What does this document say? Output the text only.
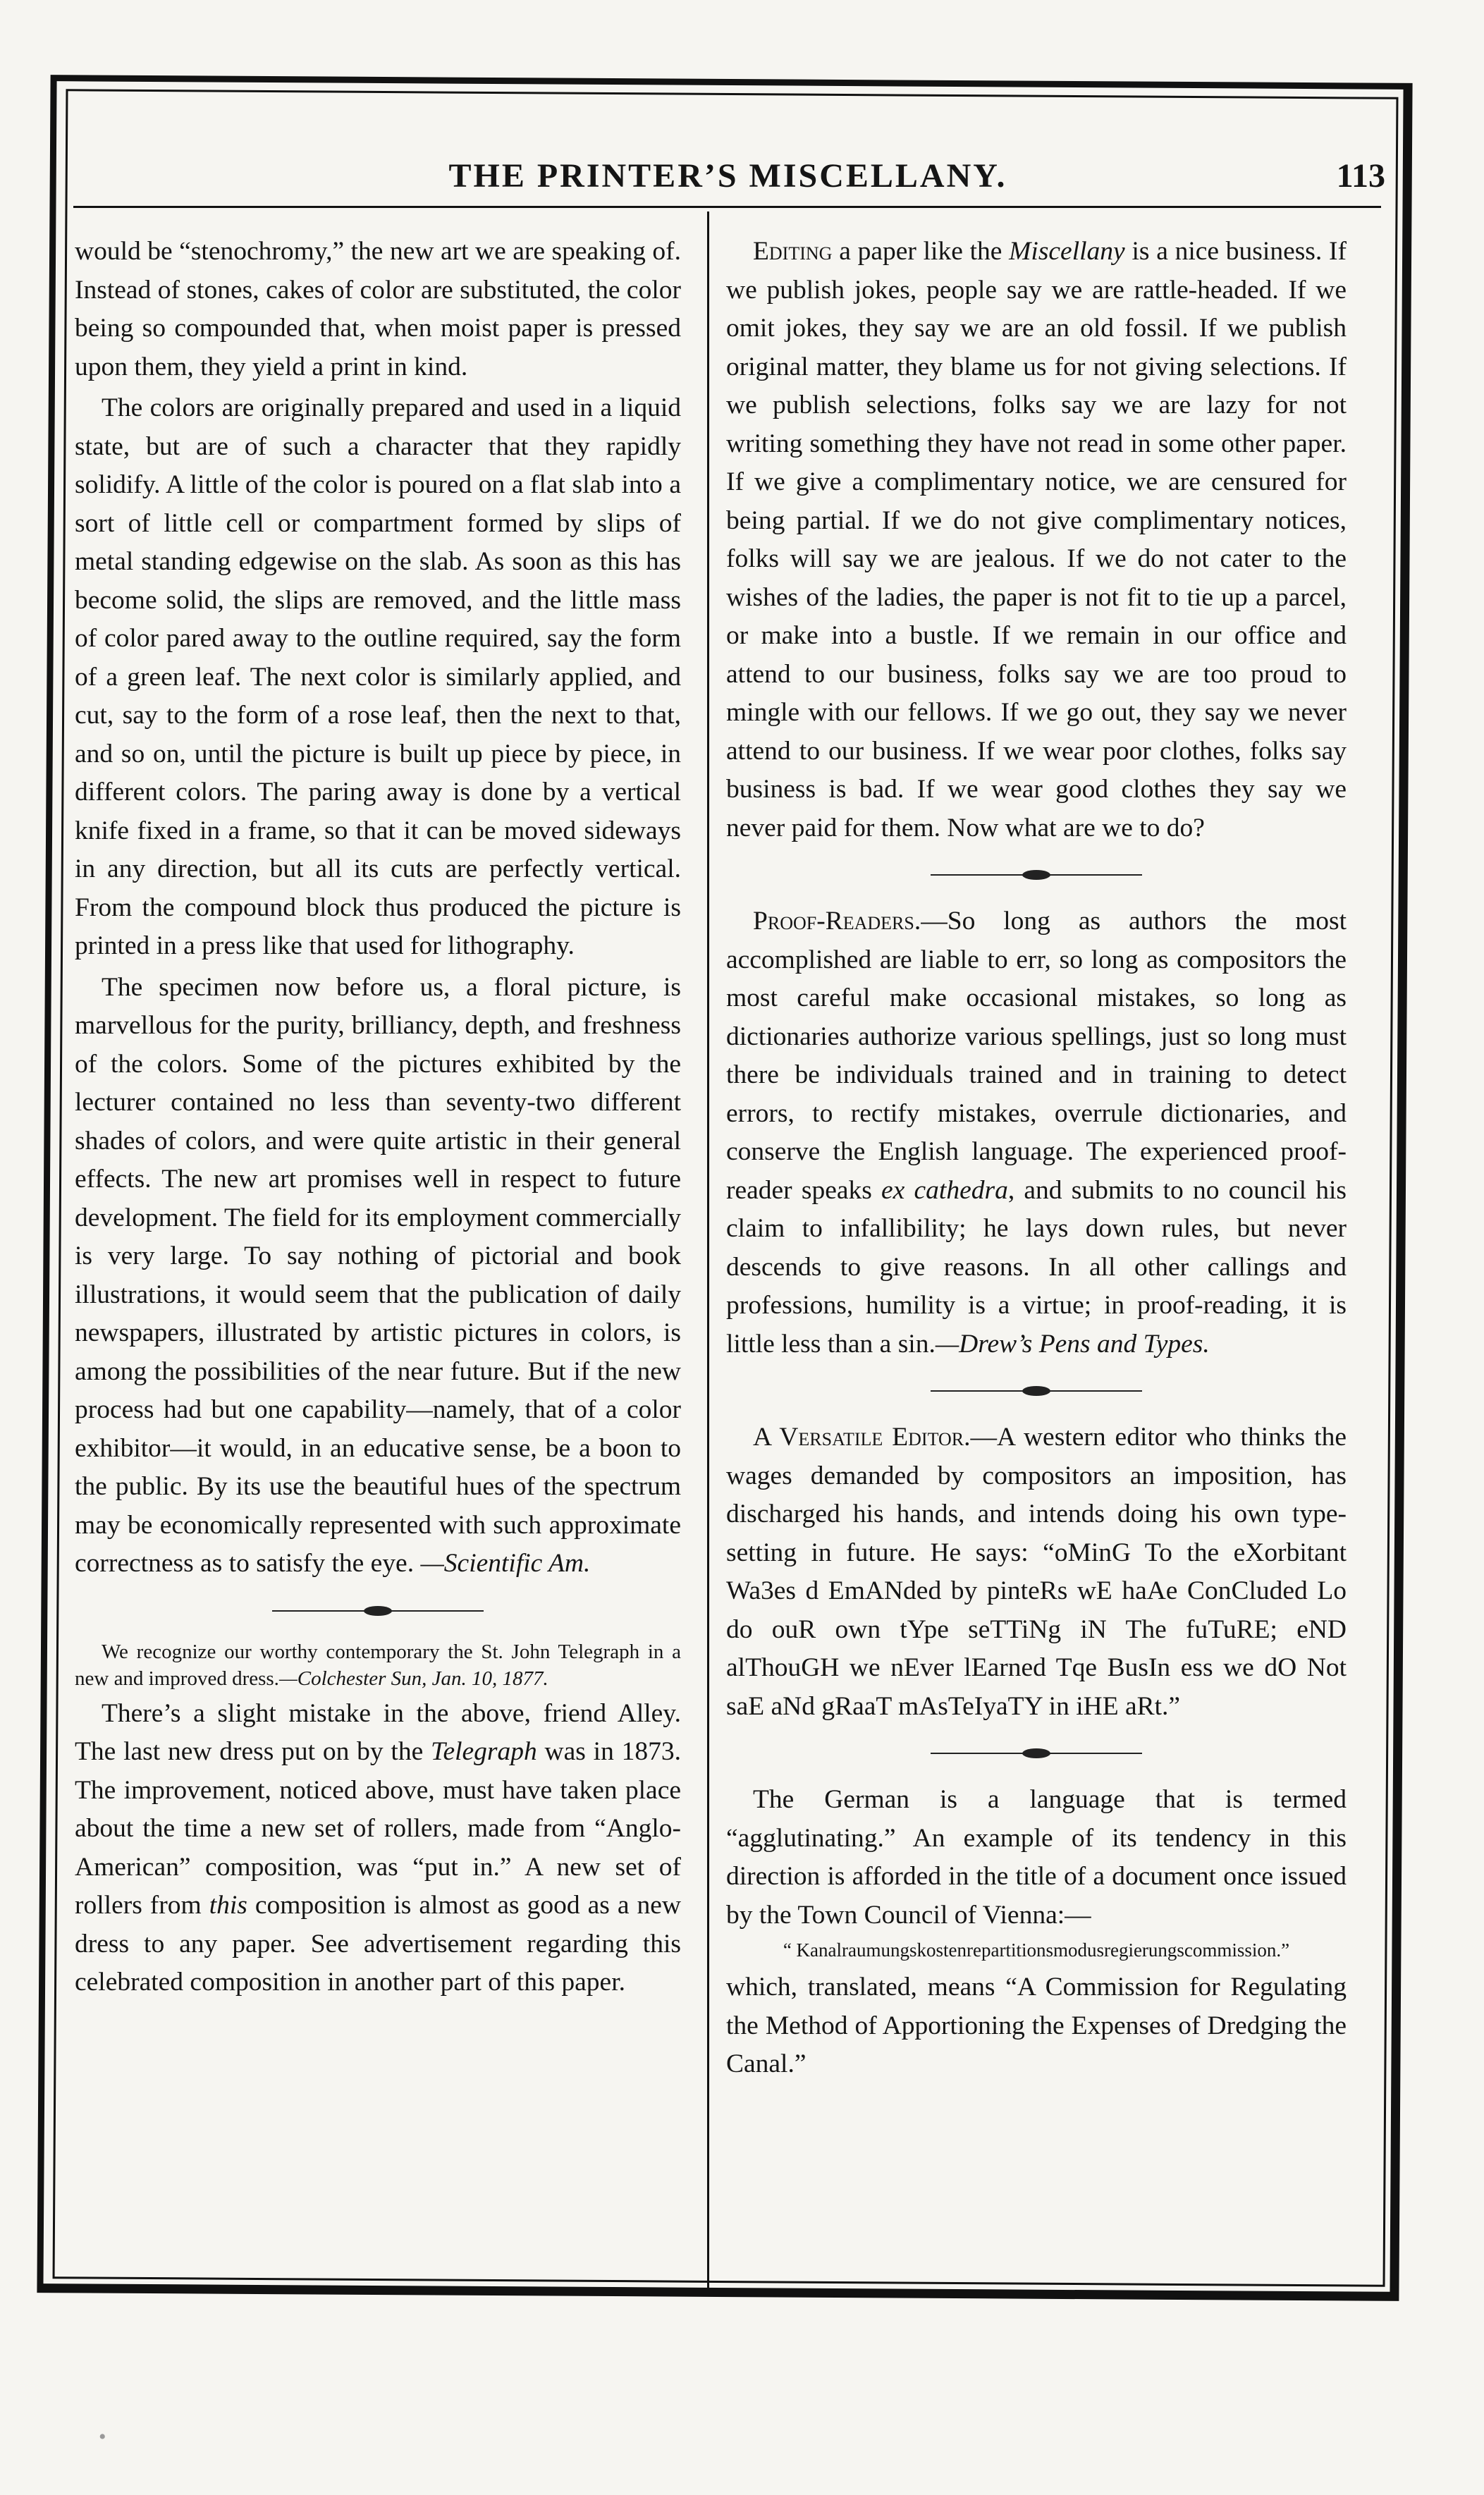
THE PRINTER’S MISCELLANY.	113

would be “stenochromy,” the new art we are speaking of. Instead of stones, cakes of color are substituted, the color being so compounded that, when moist paper is pressed upon them, they yield a print in kind.

The colors are originally prepared and used in a liquid state, but are of such a character that they rapidly solidify. A little of the color is poured on a flat slab into a sort of little cell or compartment formed by slips of metal standing edgewise on the slab. As soon as this has become solid, the slips are removed, and the little mass of color pared away to the outline required, say the form of a green leaf. The next color is similarly applied, and cut, say to the form of a rose leaf, then the next to that, and so on, until the picture is built up piece by piece, in different colors. The paring away is done by a vertical knife fixed in a frame, so that it can be moved sideways in any direction, but all its cuts are perfectly vertical. From the compound block thus produced the picture is printed in a press like that used for lithography.

The specimen now before us, a floral picture, is marvellous for the purity, brilliancy, depth, and freshness of the colors. Some of the pictures exhibited by the lecturer contained no less than seventy-two different shades of colors, and were quite artistic in their general effects. The new art promises well in respect to future development. The field for its employment commercially is very large. To say nothing of pictorial and book illustrations, it would seem that the publication of daily newspapers, illustrated by artistic pictures in colors, is among the possibilities of the near future. But if the new process had but one capability—namely, that of a color exhibitor—it would, in an educative sense, be a boon to the public. By its use the beautiful hues of the spectrum may be economically represented with such approximate correctness as to satisfy the eye. —Scientific Am.

We recognize our worthy contemporary the St. John Telegraph in a new and improved dress.—Colchester Sun, Jan. 10, 1877.

There’s a slight mistake in the above, friend Alley. The last new dress put on by the Telegraph was in 1873. The improvement, noticed above, must have taken place about the time a new set of rollers, made from “Anglo-American” composition, was “put in.” A new set of rollers from this composition is almost as good as a new dress to any paper. See advertisement regarding this celebrated composition in another part of this paper.

Editing a paper like the Miscellany is a nice business. If we publish jokes, people say we are rattle-headed. If we omit jokes, they say we are an old fossil. If we publish original matter, they blame us for not giving selections. If we publish selections, folks say we are lazy for not writing something they have not read in some other paper. If we give a complimentary notice, we are censured for being partial. If we do not give complimentary notices, folks will say we are jealous. If we do not cater to the wishes of the ladies, the paper is not fit to tie up a parcel, or make into a bustle. If we remain in our office and attend to our business, folks say we are too proud to mingle with our fellows. If we go out, they say we never attend to our business. If we wear poor clothes, folks say business is bad. If we wear good clothes they say we never paid for them. Now what are we to do?

Proof-Readers.—So long as authors the most accomplished are liable to err, so long as compositors the most careful make occasional mistakes, so long as dictionaries authorize various spellings, just so long must there be individuals trained and in training to detect errors, to rectify mistakes, overrule dictionaries, and conserve the English language. The experienced proof-reader speaks ex cathedra, and submits to no council his claim to infallibility; he lays down rules, but never descends to give reasons. In all other callings and professions, humility is a virtue; in proof-reading, it is little less than a sin.—Drew’s Pens and Types.

A Versatile Editor.—A western editor who thinks the wages demanded by compositors an imposition, has discharged his hands, and intends doing his own type-setting in future. He says: “oMinG To the eXorbitant Wa3es d EmANded by pinteRs wE haAe ConCluded Lo do ouR own tYpe seTTiNg iN The fuTuRE; eND alThouGH we nEver lEarned Tqe BusIn ess we dO Not saE aNd gRaaT mAsTeIyaTY in iHE aRt.”

The German is a language that is termed “agglutinating.” An example of its tendency in this direction is afforded in the title of a document once issued by the Town Council of Vienna:—

“ Kanalraumungskostenrepartitionsmodusregierungscommission.”

which, translated, means “A Commission for Regulating the Method of Apportioning the Expenses of Dredging the Canal.”

•
